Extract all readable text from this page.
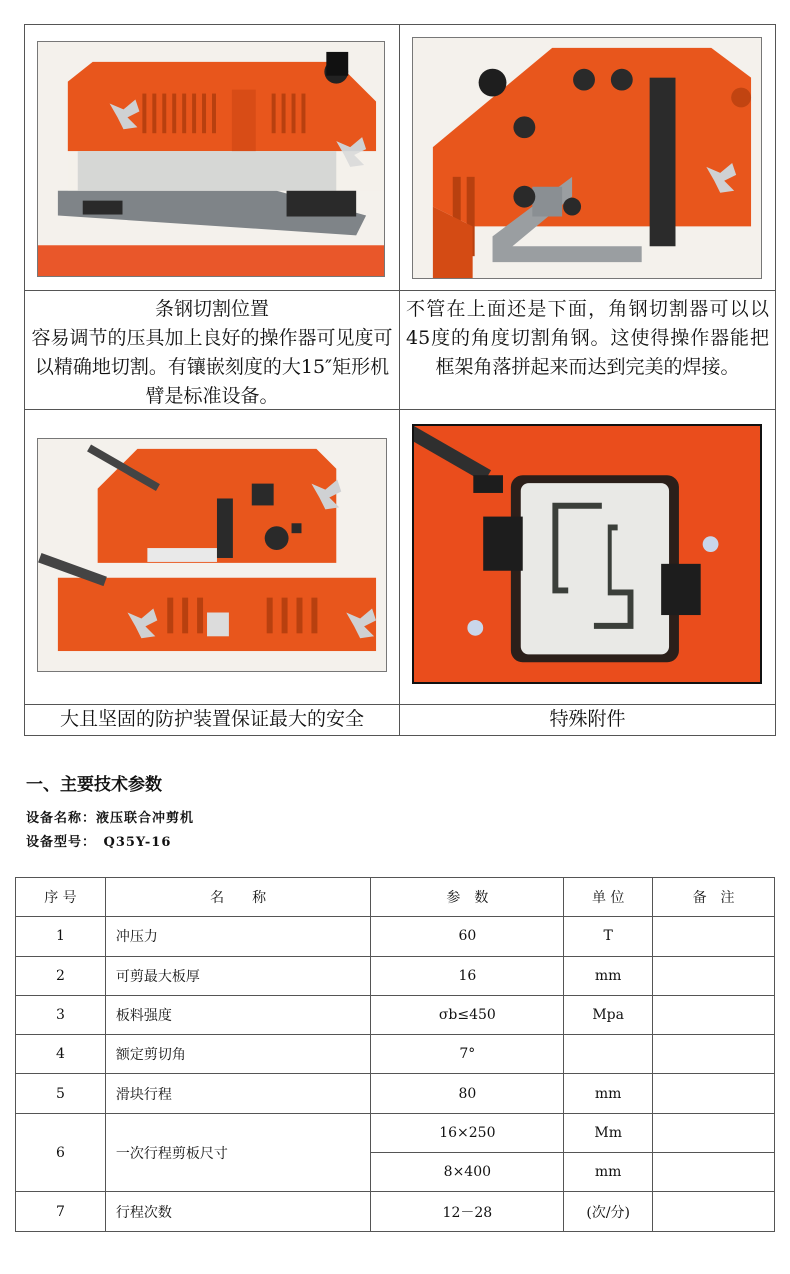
条钢切割位置
容易调节的压具加上良好的操作器可见度可以精确地切割。有镶嵌刻度的大15″矩形机臂是标准设备。
不管在上面还是下面，角钢切割器可以以45度的角度切割角钢。这使得操作器能把框架角落拼起来而达到完美的焊接。
大且坚固的防护装置保证最大的安全	特殊附件
一、主要技术参数
设备名称：液压联合冲剪机
设备型号：　Q35Y-16
序 号	名　　称	参　数	单 位	备　注
1	冲压力	60	T	
2	可剪最大板厚	16	mm	
3	板料强度	σb≤450	Mpa	
4	额定剪切角	7°		
5	滑块行程	80	mm	
6	一次行程剪板尺寸	16×250	Mm	
		8×400	mm	
7	行程次数	12－28	(次/分)	
